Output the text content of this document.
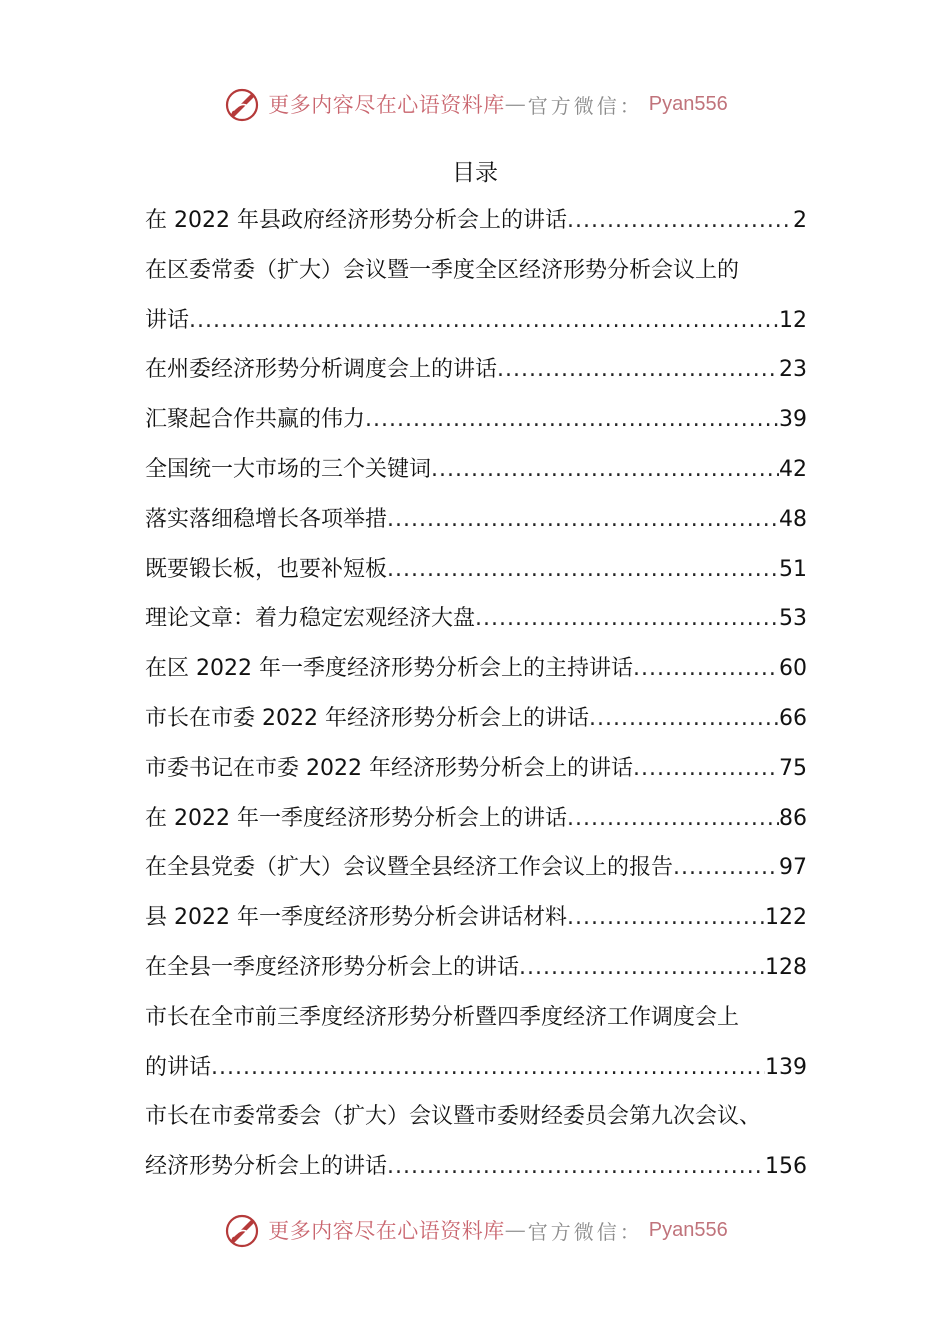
更多内容尽在心语资料库 — 官方微信： Pyan556
目录
在 2022 年县政府经济形势分析会上的讲话 .....	2
在区委常委（扩大）会议暨一季度全区经济形势分析会议上的
讲话 .....	12
在州委经济形势分析调度会上的讲话 .....	23
汇聚起合作共赢的伟力 .....	39
全国统一大市场的三个关键词 .....	42
落实落细稳增长各项举措 .....	48
既要锻长板，也要补短板 .....	51
理论文章：着力稳定宏观经济大盘 .....	53
在区 2022 年一季度经济形势分析会上的主持讲话 .....	60
市长在市委 2022 年经济形势分析会上的讲话 .....	66
市委书记在市委 2022 年经济形势分析会上的讲话 .....	75
在 2022 年一季度经济形势分析会上的讲话 .....	86
在全县党委（扩大）会议暨全县经济工作会议上的报告 .....	97
县 2022 年一季度经济形势分析会讲话材料 .....	122
在全县一季度经济形势分析会上的讲话 .....	128
市长在全市前三季度经济形势分析暨四季度经济工作调度会上
的讲话 .....	139
市长在市委常委会（扩大）会议暨市委财经委员会第九次会议、
经济形势分析会上的讲话 .....	156
更多内容尽在心语资料库 — 官方微信： Pyan556
